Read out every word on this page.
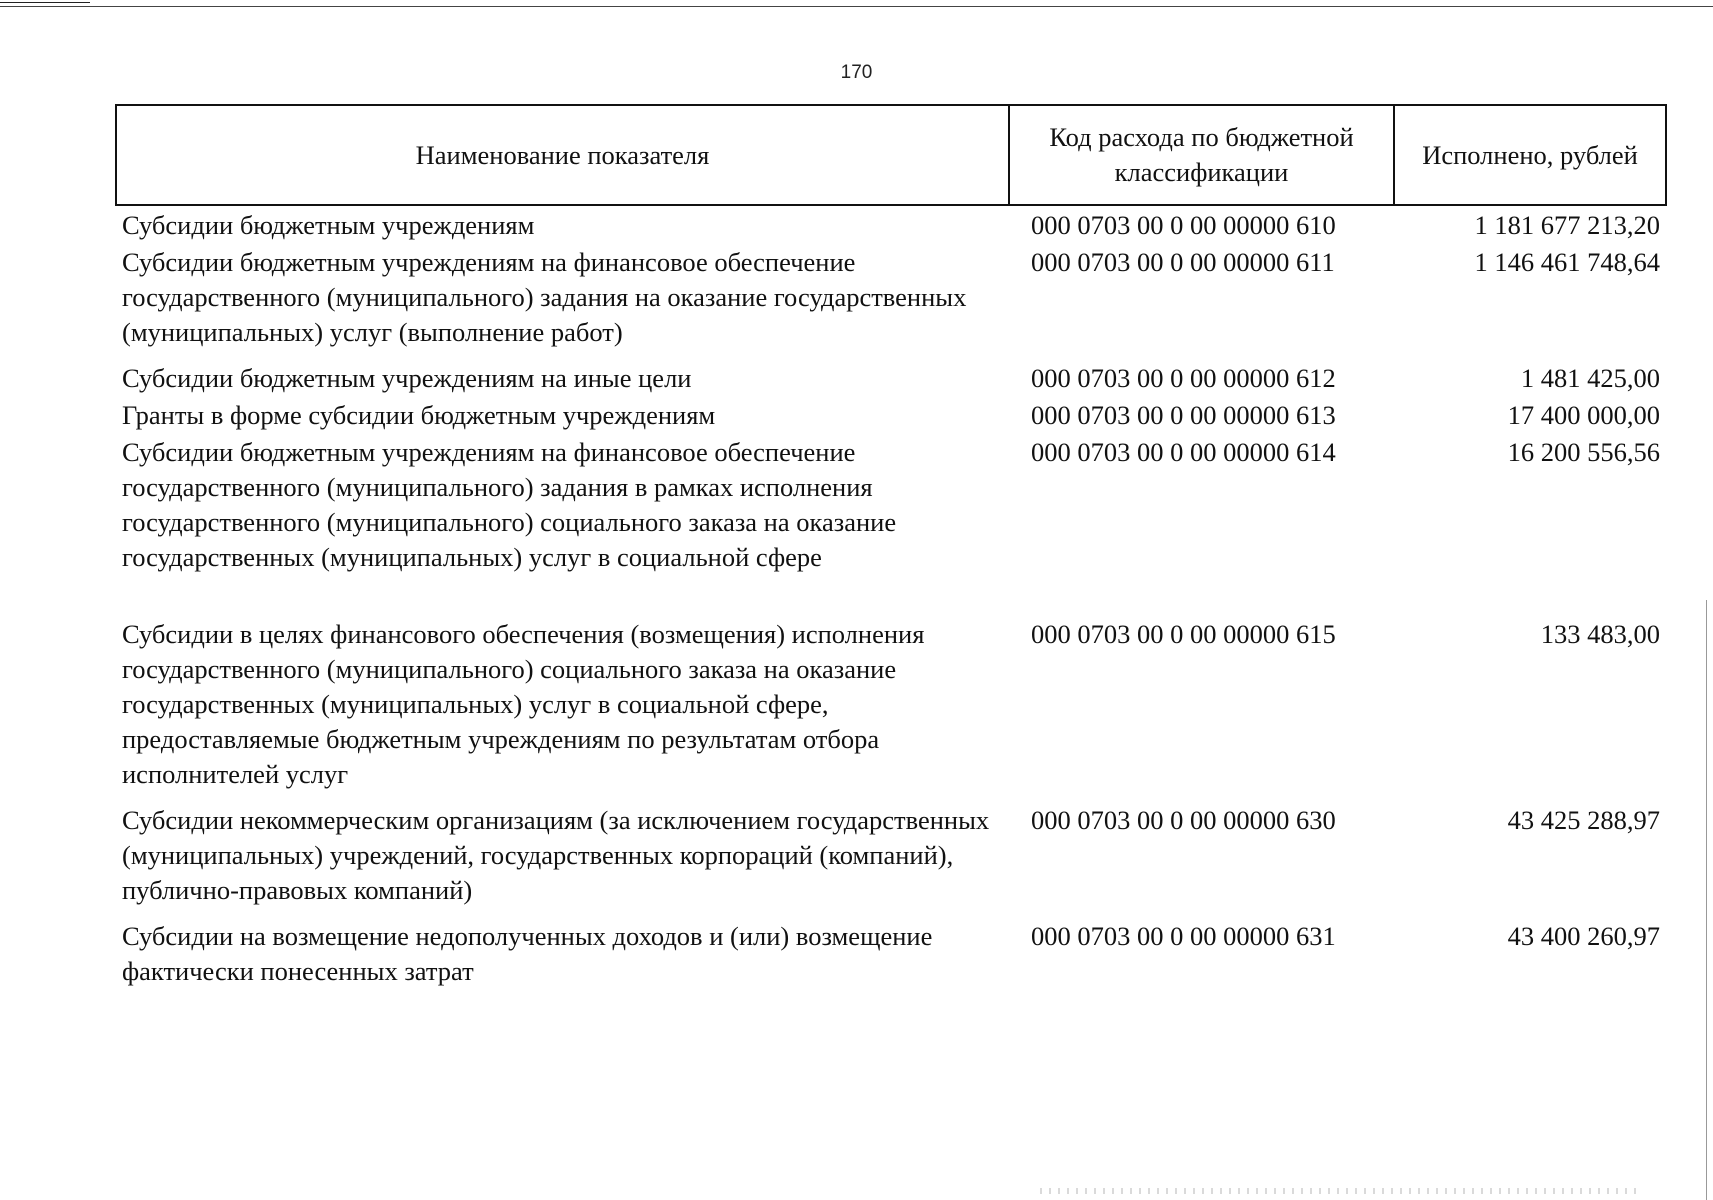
170
Наименование показателя	Код расхода по бюджетной классификации	Исполнено, рублей
Субсидии бюджетным учреждениям	000 0703 00 0 00 00000 610	1 181 677 213,20
Субсидии бюджетным учреждениям на финансовое обеспечение государственного (муниципального) задания на оказание государственных (муниципальных) услуг (выполнение работ)	000 0703 00 0 00 00000 611	1 146 461 748,64
Субсидии бюджетным учреждениям на иные цели	000 0703 00 0 00 00000 612	1 481 425,00
Гранты в форме субсидии бюджетным учреждениям	000 0703 00 0 00 00000 613	17 400 000,00
Субсидии бюджетным учреждениям на финансовое обеспечение государственного (муниципального) задания в рамках исполнения государственного (муниципального) социального заказа на оказание государственных (муниципальных) услуг в социальной сфере	000 0703 00 0 00 00000 614	16 200 556,56
Субсидии в целях финансового обеспечения (возмещения) исполнения государственного (муниципального) социального заказа на оказание государственных (муниципальных) услуг в социальной сфере, предоставляемые бюджетным учреждениям по результатам отбора исполнителей услуг	000 0703 00 0 00 00000 615	133 483,00
Субсидии некоммерческим организациям (за исключением государственных (муниципальных) учреждений, государственных корпораций (компаний), публично-правовых компаний)	000 0703 00 0 00 00000 630	43 425 288,97
Субсидии на возмещение недополученных доходов и (или) возмещение фактически понесенных затрат	000 0703 00 0 00 00000 631	43 400 260,97
